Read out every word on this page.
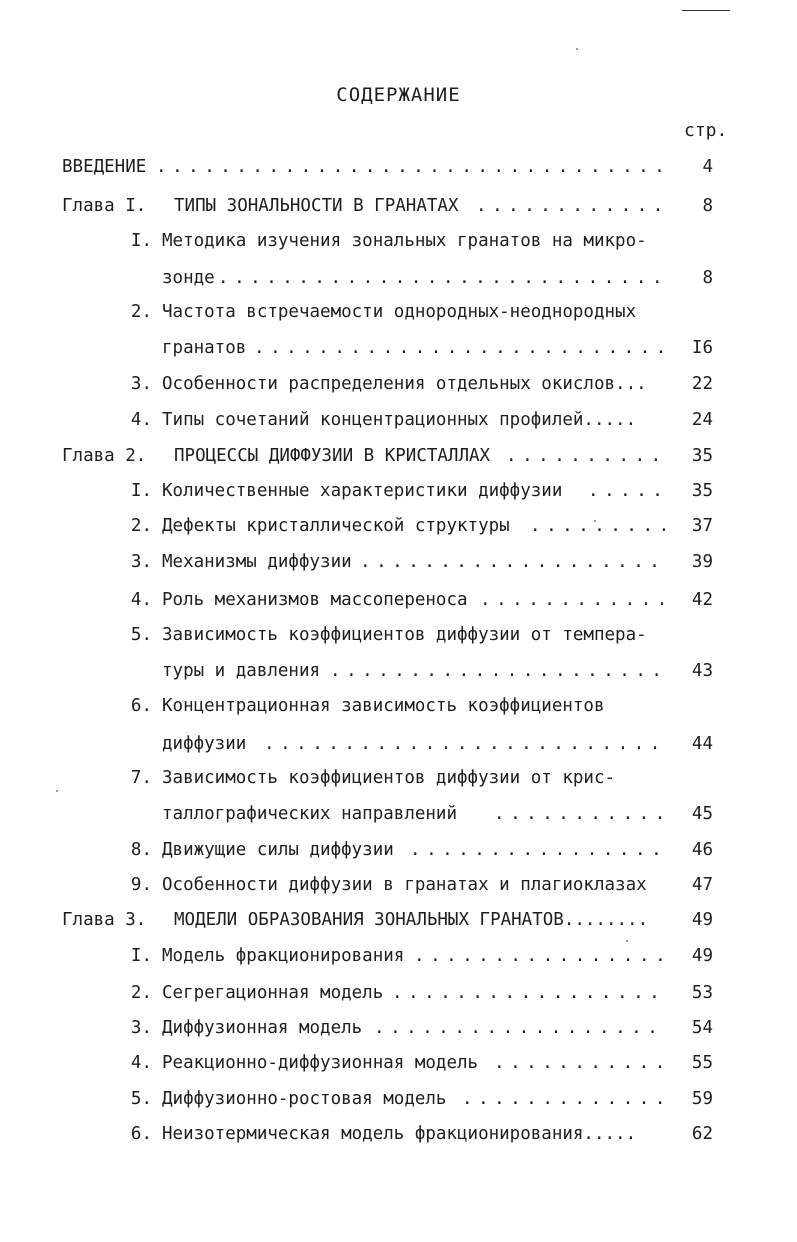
СОДЕРЖАНИЕ
стр.
ВВЕДЕНИЕ . . .	4
Глава I. ТИПЫ ЗОНАЛЬНОСТИ В ГРАНАТАХ . . .	8
I. Методика изучения зональных гранатов на микро-
зонде . . .	8
2. Частота встречаемости однородных-неоднородных
гранатов . . .	I6
3. Особенности распределения отдельных окислов...	22
4. Типы сочетаний концентрационных профилей.....	24
Глава 2. ПРОЦЕССЫ ДИФФУЗИИ В КРИСТАЛЛАХ . . .	35
I. Количественные характеристики диффузии . . .	35
2. Дефекты кристаллической структуры . . .	37
3. Механизмы диффузии . . .	39
4. Роль механизмов массопереноса . . .	42
5. Зависимость коэффициентов диффузии от темпера-
туры и давления . . .	43
6. Концентрационная зависимость коэффициентов
диффузии . . .	44
7. Зависимость коэффициентов диффузии от крис-
таллографических направлений . . .	45
8. Движущие силы диффузии . . .	46
9. Особенности диффузии в гранатах и плагиоклазах	47
Глава 3. МОДЕЛИ ОБРАЗОВАНИЯ ЗОНАЛЬНЫХ ГРАНАТОВ........	49
I. Модель фракционирования . . .	49
2. Сегрегационная модель . . .	53
3. Диффузионная модель . . .	54
4. Реакционно-диффузионная модель . . .	55
5. Диффузионно-ростовая модель . . .	59
6. Неизотермическая модель фракционирования.....	62
